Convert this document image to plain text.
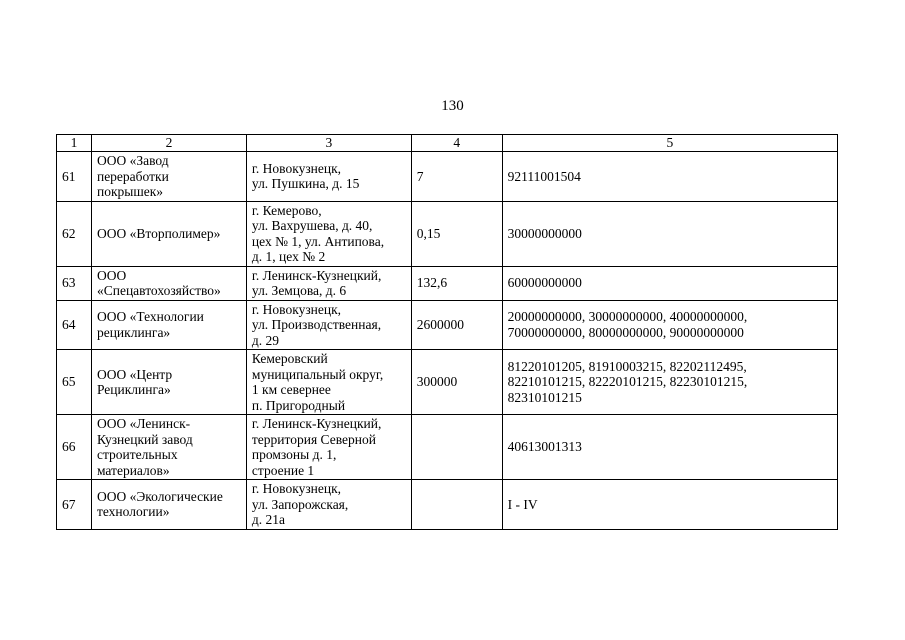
130
1	2	3	4	5
61	ООО «Завод
переработки
покрышек»	г. Новокузнецк,
ул. Пушкина, д. 15	7	92111001504
62	ООО «Вторполимер»	г. Кемерово,
ул. Вахрушева, д. 40,
цех № 1, ул. Антипова,
д. 1, цех № 2	0,15	30000000000
63	ООО
«Спецавтохозяйство»	г. Ленинск-Кузнецкий,
ул. Земцова, д. 6	132,6	60000000000
64	ООО «Технологии
рециклинга»	г. Новокузнецк,
ул. Производственная,
д. 29	2600000	20000000000, 30000000000, 40000000000,
70000000000, 80000000000, 90000000000
65	ООО «Центр
Рециклинга»	Кемеровский
муниципальный округ,
1 км севернее
п. Пригородный	300000	81220101205, 81910003215, 82202112495,
82210101215, 82220101215, 82230101215,
82310101215
66	ООО «Ленинск-
Кузнецкий завод
строительных
материалов»	г. Ленинск-Кузнецкий,
территория Северной
промзоны д. 1,
строение 1		40613001313
67	ООО «Экологические
технологии»	г. Новокузнецк,
ул. Запорожская,
д. 21а		I - IV
